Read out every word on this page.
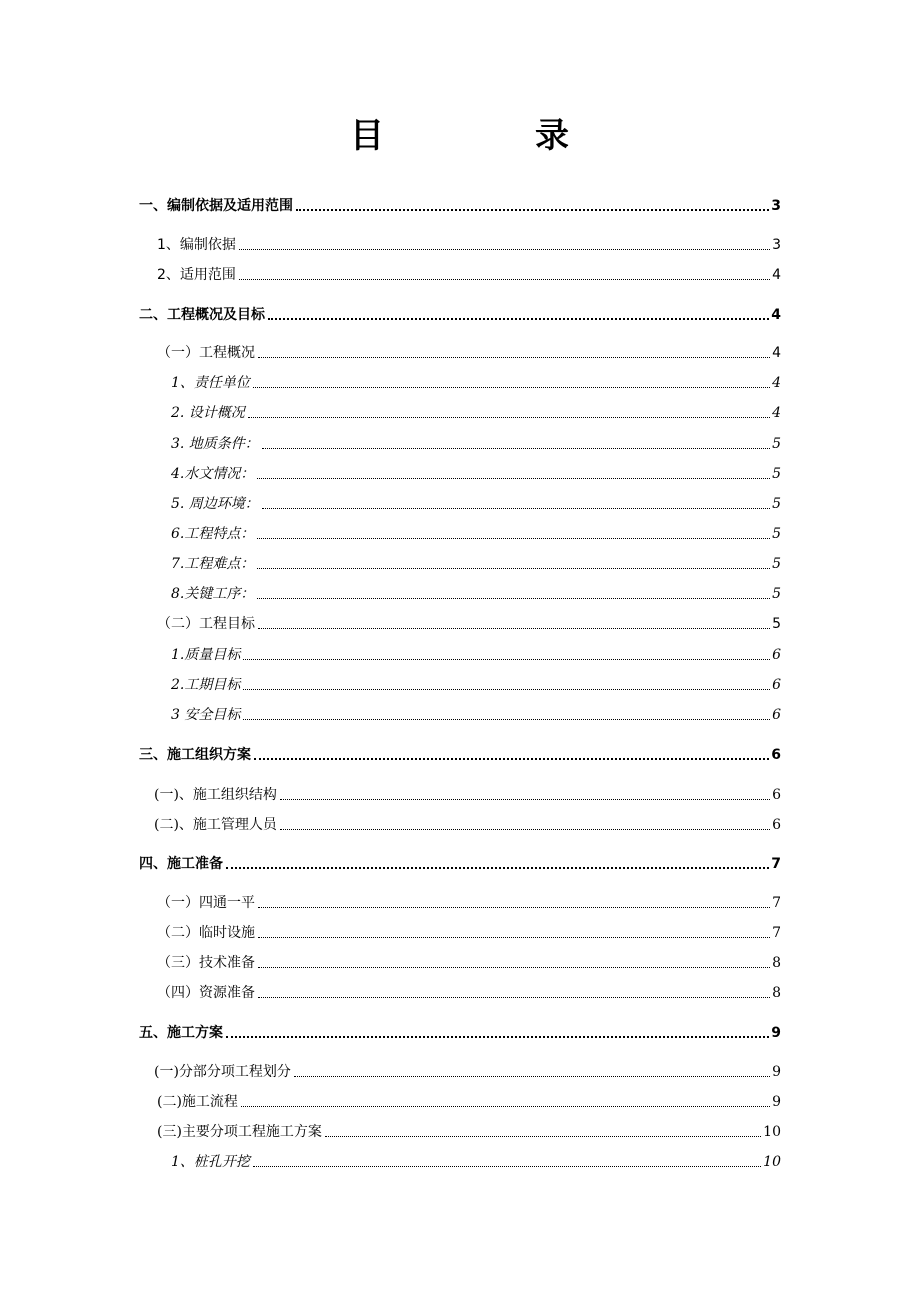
目	录
一、编制依据及适用范围	3
1、编制依据	3
2、适用范围	4
二、工程概况及目标	4
（一）工程概况	4
1、责任单位	4
2. 设计概况	4
3. 地质条件：	5
4.水文情况：	5
5. 周边环境：	5
6.工程特点：	5
7.工程难点：	5
8.关键工序：	5
（二）工程目标	5
1.质量目标	6
2.工期目标	6
3 安全目标	6
三、施工组织方案	6
(一)、施工组织结构	6
(二)、施工管理人员	6
四、施工准备	7
（一）四通一平	7
（二）临时设施	7
（三）技术准备	8
（四）资源准备	8
五、施工方案	9
(一)分部分项工程划分	9
(二)施工流程	9
(三)主要分项工程施工方案	10
1、桩孔开挖	10
